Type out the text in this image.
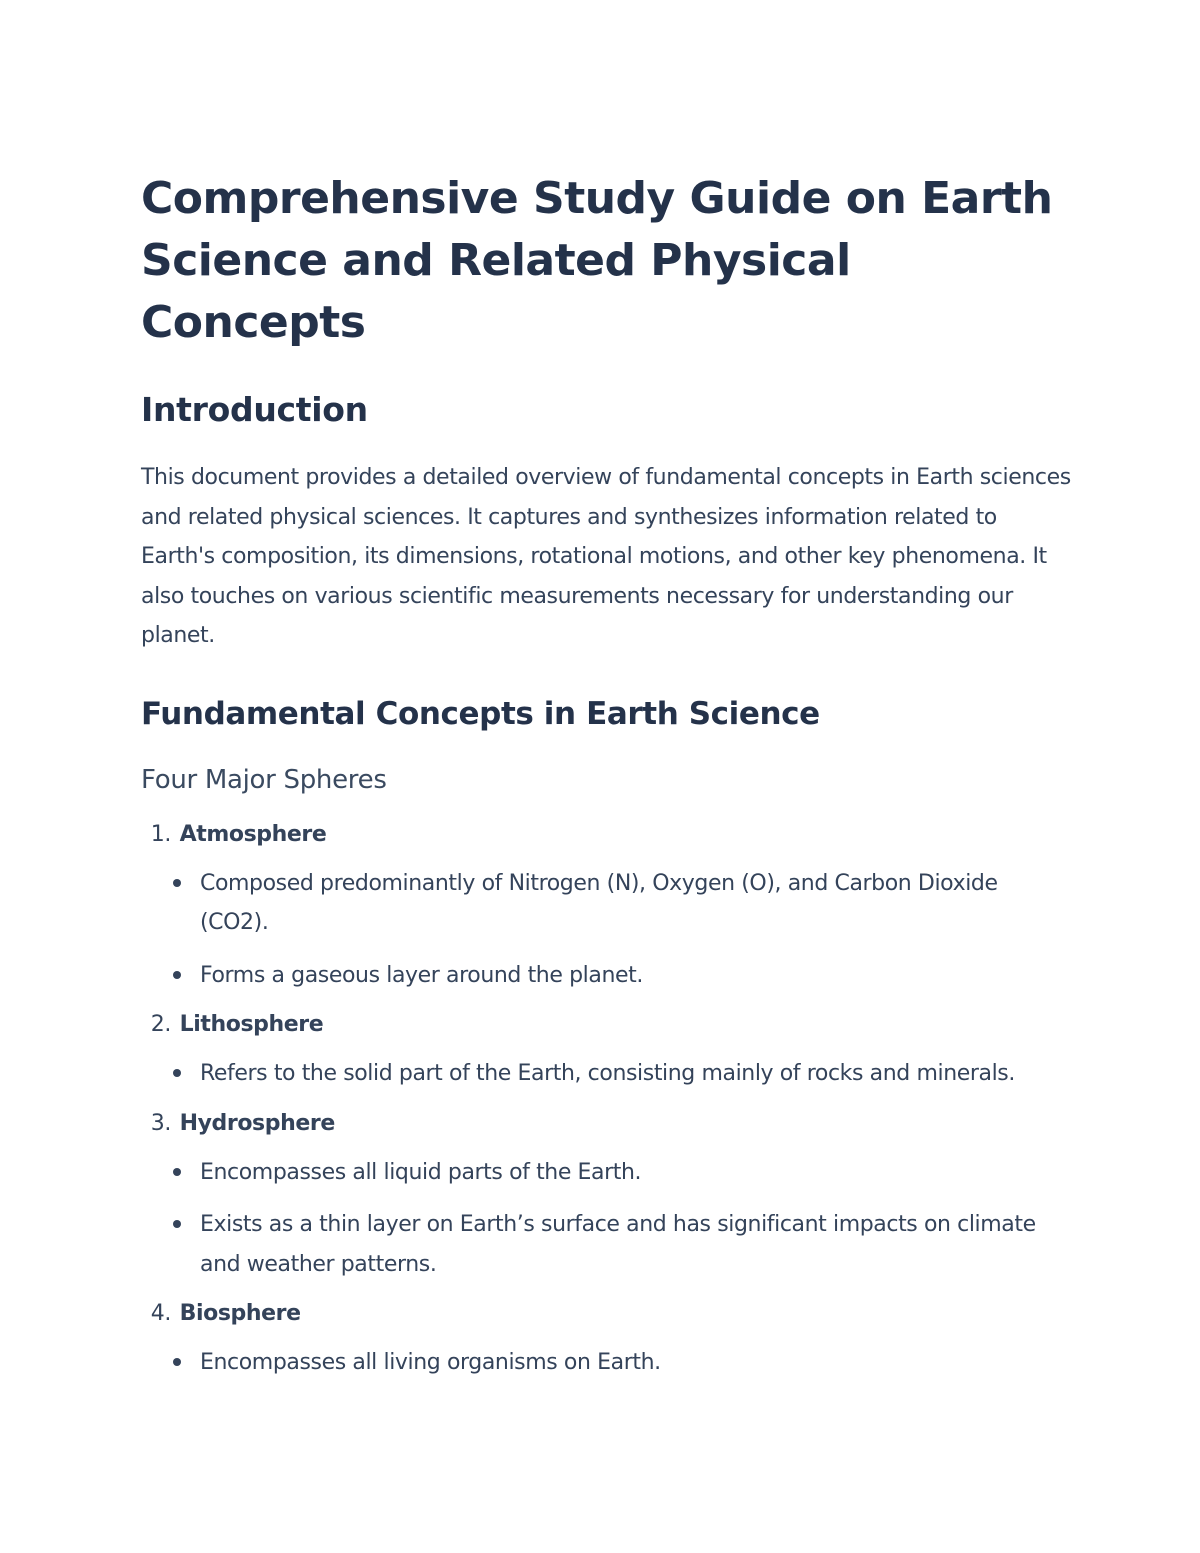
Comprehensive Study Guide on Earth Science and Related Physical Concepts
Introduction

This document provides a detailed overview of fundamental concepts in Earth sciences and related physical sciences. It captures and synthesizes information related to Earth's composition, its dimensions, rotational motions, and other key phenomena. It also touches on various scientific measurements necessary for understanding our planet.

Fundamental Concepts in Earth Science
Four Major Spheres
1. Atmosphere
Composed predominantly of Nitrogen (N), Oxygen (O), and Carbon Dioxide (CO2).
Forms a gaseous layer around the planet.
2. Lithosphere
Refers to the solid part of the Earth, consisting mainly of rocks and minerals.
3. Hydrosphere
Encompasses all liquid parts of the Earth.
Exists as a thin layer on Earth’s surface and has significant impacts on climate and weather patterns.
4. Biosphere
Encompasses all living organisms on Earth.
